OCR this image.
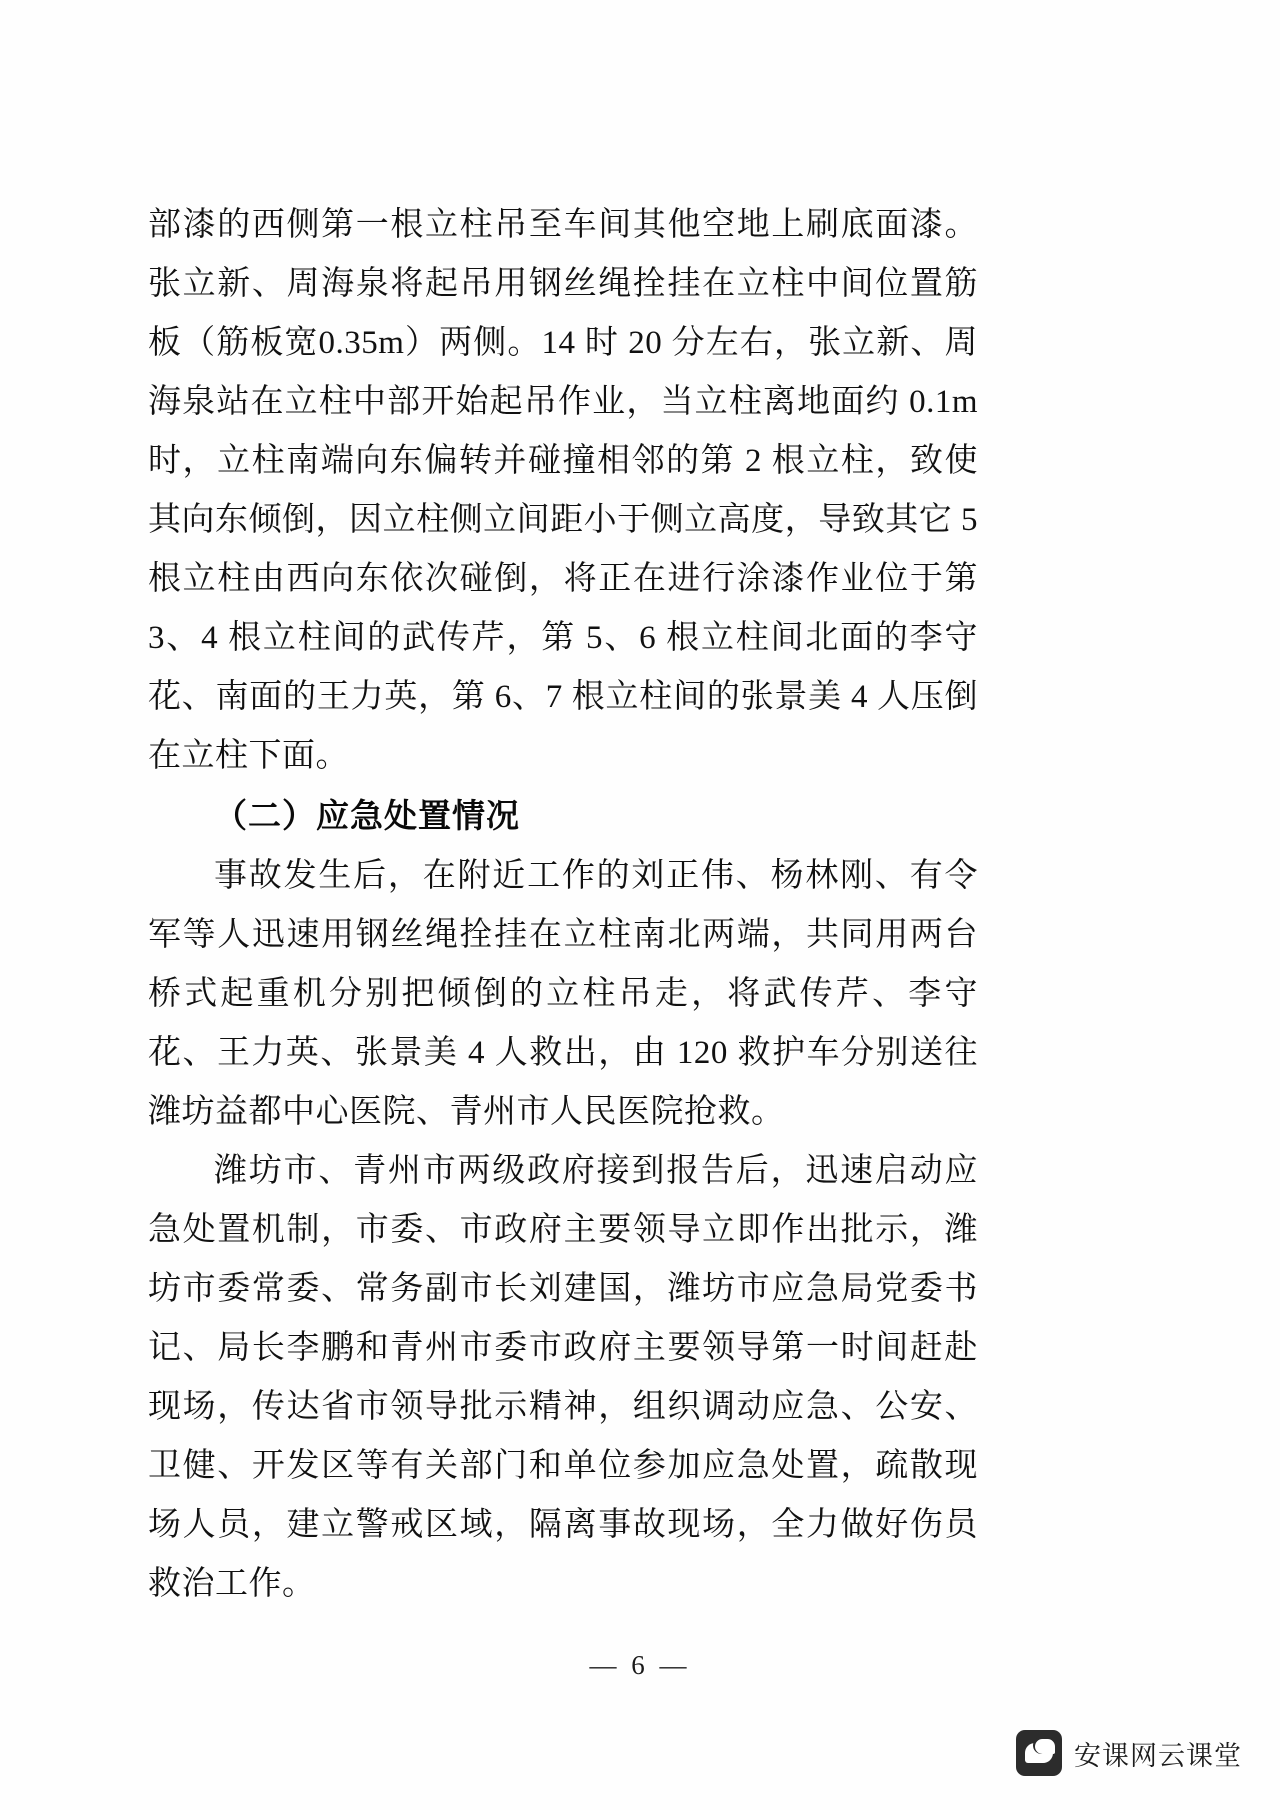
部漆的西侧第一根立柱吊至车间其他空地上刷底面漆。张立新、周海泉将起吊用钢丝绳拴挂在立柱中间位置筋板（筋板宽0.35m）两侧。14 时 20 分左右，张立新、周海泉站在立柱中部开始起吊作业，当立柱离地面约 0.1m 时，立柱南端向东偏转并碰撞相邻的第 2 根立柱，致使其向东倾倒，因立柱侧立间距小于侧立高度，导致其它 5 根立柱由西向东依次碰倒，将正在进行涂漆作业位于第 3、4 根立柱间的武传芹，第 5、6 根立柱间北面的李守花、南面的王力英，第 6、7 根立柱间的张景美 4 人压倒在立柱下面。

（二）应急处置情况

事故发生后，在附近工作的刘正伟、杨林刚、有令军等人迅速用钢丝绳拴挂在立柱南北两端，共同用两台桥式起重机分别把倾倒的立柱吊走，将武传芹、李守花、王力英、张景美 4 人救出，由 120 救护车分别送往潍坊益都中心医院、青州市人民医院抢救。

潍坊市、青州市两级政府接到报告后，迅速启动应急处置机制，市委、市政府主要领导立即作出批示，潍坊市委常委、常务副市长刘建国，潍坊市应急局党委书记、局长李鹏和青州市委市政府主要领导第一时间赶赴现场，传达省市领导批示精神，组织调动应急、公安、卫健、开发区等有关部门和单位参加应急处置，疏散现场人员，建立警戒区域，隔离事故现场，全力做好伤员救治工作。

— 6 —
安课网云课堂
